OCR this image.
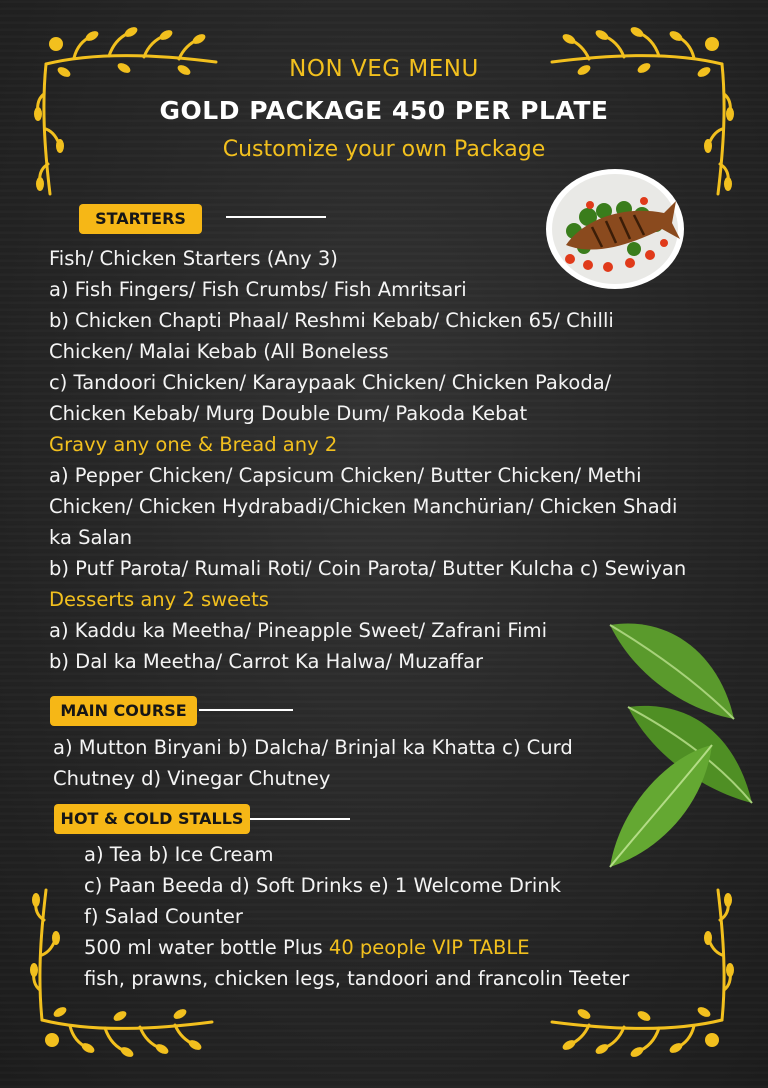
NON VEG MENU
GOLD PACKAGE 450 PER PLATE
Customize your own Package
STARTERS
Fish/ Chicken Starters (Any 3)
a) Fish Fingers/ Fish Crumbs/ Fish Amritsari
b) Chicken Chapti Phaal/ Reshmi Kebab/ Chicken 65/ Chilli
Chicken/ Malai Kebab (All Boneless
c) Tandoori Chicken/ Karaypaak Chicken/ Chicken Pakoda/
Chicken Kebab/ Murg Double Dum/ Pakoda Kebat
Gravy any one & Bread any 2
a) Pepper Chicken/ Capsicum Chicken/ Butter Chicken/ Methi
Chicken/ Chicken Hydrabadi/Chicken Manchürian/ Chicken Shadi
ka Salan
b) Putf Parota/ Rumali Roti/ Coin Parota/ Butter Kulcha c) Sewiyan
Desserts any 2 sweets
a) Kaddu ka Meetha/ Pineapple Sweet/ Zafrani Fimi
b) Dal ka Meetha/ Carrot Ka Halwa/ Muzaffar
MAIN COURSE
a) Mutton Biryani b) Dalcha/ Brinjal ka Khatta c) Curd
Chutney d) Vinegar Chutney
HOT & COLD STALLS
a) Tea b) Ice Cream
c) Paan Beeda d) Soft Drinks e) 1 Welcome Drink
f) Salad Counter
500 ml water bottle Plus 40 people VIP TABLE
fish, prawns, chicken legs, tandoori and francolin Teeter
